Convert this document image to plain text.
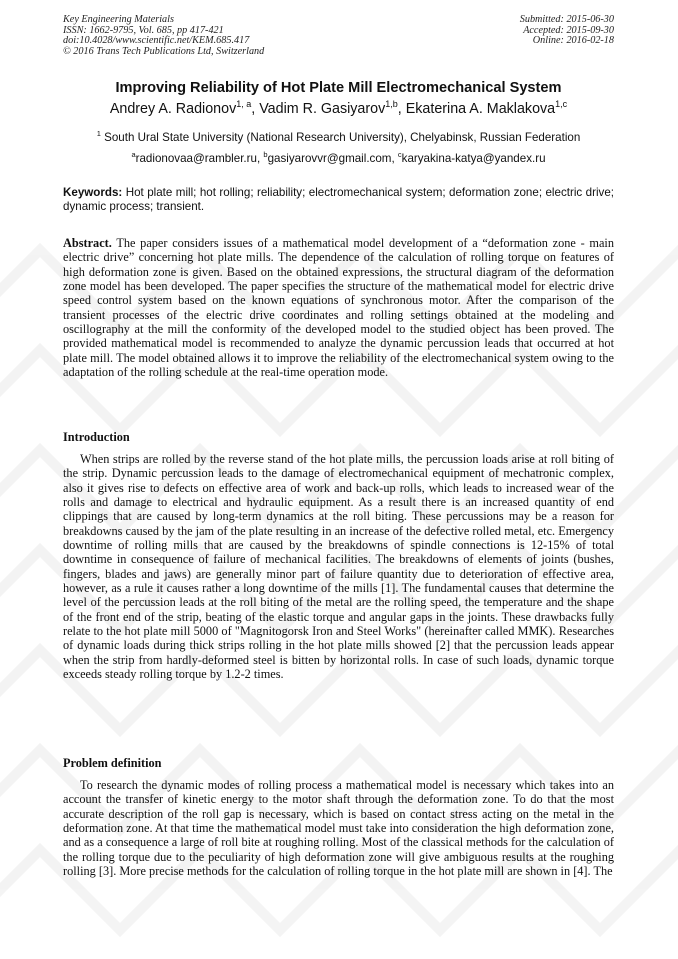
Key Engineering Materials
ISSN: 1662-9795, Vol. 685, pp 417-421
doi:10.4028/www.scientific.net/KEM.685.417
© 2016 Trans Tech Publications Ltd, Switzerland
Submitted: 2015-06-30
Accepted: 2015-09-30
Online: 2016-02-18
Improving Reliability of Hot Plate Mill Electromechanical System
Andrey A. Radionov$^{1, a}$, Vadim R. Gasiyarov$^{1,b}$, Ekaterina A. Maklakova$^{1,c}$
$^1$ South Ural State University (National Research University), Chelyabinsk, Russian Federation
$^a$radionovaa@rambler.ru, $^b$gasiyarovvr@gmail.com, $^c$karyakina-katya@yandex.ru
Keywords: Hot plate mill; hot rolling; reliability; electromechanical system; deformation zone; electric drive; dynamic process; transient.
Abstract. The paper considers issues of a mathematical model development of a “deformation zone - main electric drive” concerning hot plate mills. The dependence of the calculation of rolling torque on features of high deformation zone is given. Based on the obtained expressions, the structural diagram of the deformation zone model has been developed. The paper specifies the structure of the mathematical model for electric drive speed control system based on the known equations of synchronous motor. After the comparison of the transient processes of the electric drive coordinates and rolling settings obtained at the modeling and oscillography at the mill the conformity of the developed model to the studied object has been proved. The provided mathematical model is recommended to analyze the dynamic percussion leads that occurred at hot plate mill. The model obtained allows it to improve the reliability of the electromechanical system owing to the adaptation of the rolling schedule at the real-time operation mode.
Introduction
When strips are rolled by the reverse stand of the hot plate mills, the percussion loads arise at roll biting of the strip. Dynamic percussion leads to the damage of electromechanical equipment of mechatronic complex, also it gives rise to defects on effective area of work and back-up rolls, which leads to increased wear of the rolls and damage to electrical and hydraulic equipment. As a result there is an increased quantity of end clippings that are caused by long-term dynamics at the roll biting. These percussions may be a reason for breakdowns caused by the jam of the plate resulting in an increase of the defective rolled metal, etc. Emergency downtime of rolling mills that are caused by the breakdowns of spindle connections is 12-15% of total downtime in consequence of failure of mechanical facilities. The breakdowns of elements of joints (bushes, fingers, blades and jaws) are generally minor part of failure quantity due to deterioration of effective area, however, as a rule it causes rather a long downtime of the mills [1]. The fundamental causes that determine the level of the percussion leads at the roll biting of the metal are the rolling speed, the temperature and the shape of the front end of the strip, beating of the elastic torque and angular gaps in the joints. These drawbacks fully relate to the hot plate mill 5000 of "Magnitogorsk Iron and Steel Works" (hereinafter called MMK). Researches of dynamic loads during thick strips rolling in the hot plate mills showed [2] that the percussion leads appear when the strip from hardly-deformed steel is bitten by horizontal rolls. In case of such loads, dynamic torque exceeds steady rolling torque by 1.2-2 times.
Problem definition
To research the dynamic modes of rolling process a mathematical model is necessary which takes into an account the transfer of kinetic energy to the motor shaft through the deformation zone. To do that the most accurate description of the roll gap is necessary, which is based on contact stress acting on the metal in the deformation zone. At that time the mathematical model must take into consideration the high deformation zone, and as a consequence a large of roll bite at roughing rolling. Most of the classical methods for the calculation of the rolling torque due to the peculiarity of high deformation zone will give ambiguous results at the roughing rolling [3]. More precise methods for the calculation of rolling torque in the hot plate mill are shown in [4]. The
